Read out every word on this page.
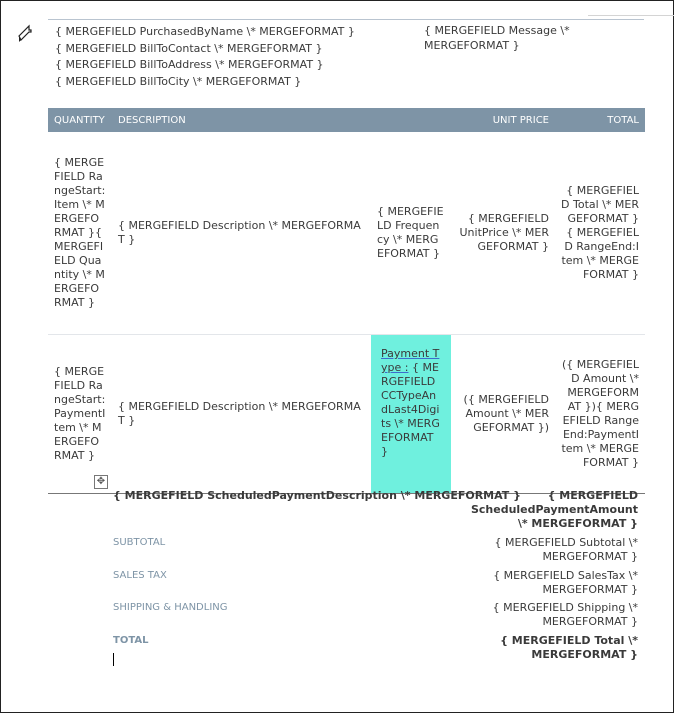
{ MERGEFIELD PurchasedByName \* MERGEFORMAT }
{ MERGEFIELD BillToContact \* MERGEFORMAT }
{ MERGEFIELD BillToAddress \* MERGEFORMAT }
{ MERGEFIELD BillToCity \* MERGEFORMAT }
{ MERGEFIELD Message \* MERGEFORMAT }
QUANTITY	DESCRIPTION		UNIT PRICE	TOTAL
{ MERGEFIELD RangeStart:Item \* MERGEFORMAT }{ MERGEFIELD Quantity \* MERGEFORMAT }	{ MERGEFIELD Description \* MERGEFORMAT }	{ MERGEFIELD Frequency \* MERGEFORMAT }	{ MERGEFIELD UnitPrice \* MERGEFORMAT }	{ MERGEFIELD Total \* MERGEFORMAT }{ MERGEFIELD RangeEnd:Item \* MERGEFORMAT }
{ MERGEFIELD RangeStart:PaymentItem \* MERGEFORMAT }	{ MERGEFIELD Description \* MERGEFORMAT }	Payment Type : { MERGEFIELD CCTypeAndLast4Digits \* MERGEFORMAT }	({ MERGEFIELD Amount \* MERGEFORMAT })	({ MERGEFIELD Amount \* MERGEFORMAT }){ MERGEFIELD RangeEnd:PaymentItem \* MERGEFORMAT }
✥
{ MERGEFIELD ScheduledPaymentDescription \* MERGEFORMAT }	{ MERGEFIELD ScheduledPaymentAmount \* MERGEFORMAT }
SUBTOTAL	{ MERGEFIELD Subtotal \* MERGEFORMAT }
SALES TAX	{ MERGEFIELD SalesTax \* MERGEFORMAT }
SHIPPING & HANDLING	{ MERGEFIELD Shipping \* MERGEFORMAT }
TOTAL	{ MERGEFIELD Total \* MERGEFORMAT }
